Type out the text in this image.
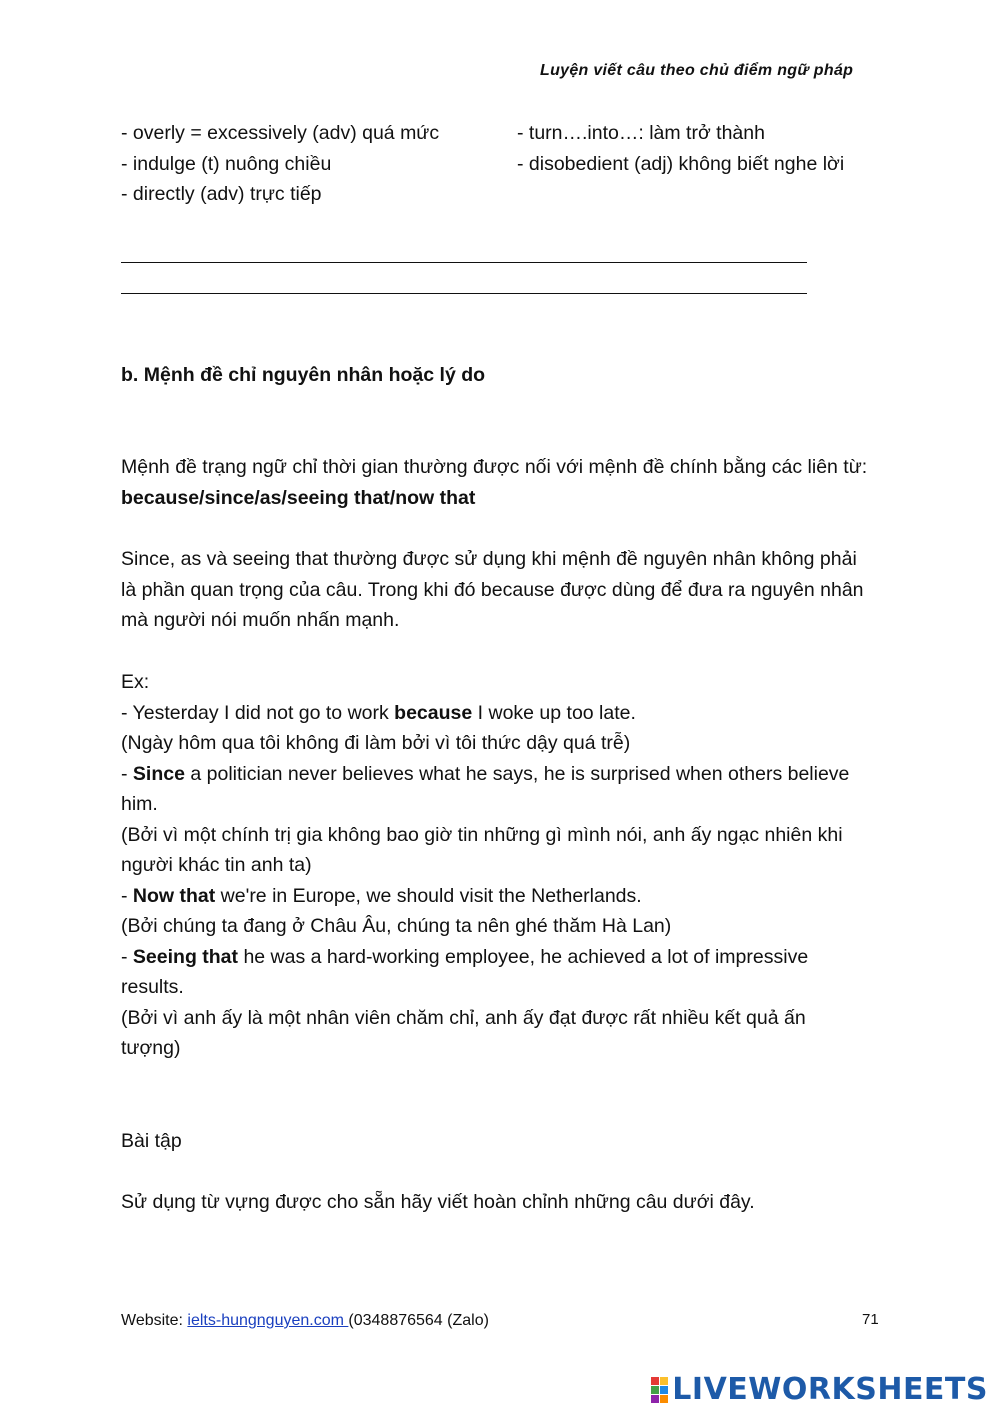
Luyện viết câu theo chủ điểm ngữ pháp
- overly = excessively (adv) quá mức
- indulge (t) nuông chiều
- directly (adv) trực tiếp
- turn….into…: làm trở thành
- disobedient (adj) không biết nghe lời
b. Mệnh đề chỉ nguyên nhân hoặc lý do
Mệnh đề trạng ngữ chỉ thời gian thường được nối với mệnh đề chính bằng các liên từ:
because/since/as/seeing that/now that
Since, as và seeing that thường được sử dụng khi mệnh đề nguyên nhân không phải
là phần quan trọng của câu. Trong khi đó because được dùng để đưa ra nguyên nhân
mà người nói muốn nhấn mạnh.
Ex:
- Yesterday I did not go to work because I woke up too late.
(Ngày hôm qua tôi không đi làm bởi vì tôi thức dậy quá trễ)
- Since a politician never believes what he says, he is surprised when others believe
him.
(Bởi vì một chính trị gia không bao giờ tin những gì mình nói, anh ấy ngạc nhiên khi
người khác tin anh ta)
- Now that we're in Europe, we should visit the Netherlands.
(Bởi chúng ta đang ở Châu Âu, chúng ta nên ghé thăm Hà Lan)
- Seeing that he was a hard-working employee, he achieved a lot of impressive
results.
(Bởi vì anh ấy là một nhân viên chăm chỉ, anh ấy đạt được rất nhiều kết quả ấn
tượng)
Bài tập
Sử dụng từ vựng được cho sẵn hãy viết hoàn chỉnh những câu dưới đây.
Website: ielts-hungnguyen.com (0348876564 (Zalo)	71
LIVEWORKSHEETS
